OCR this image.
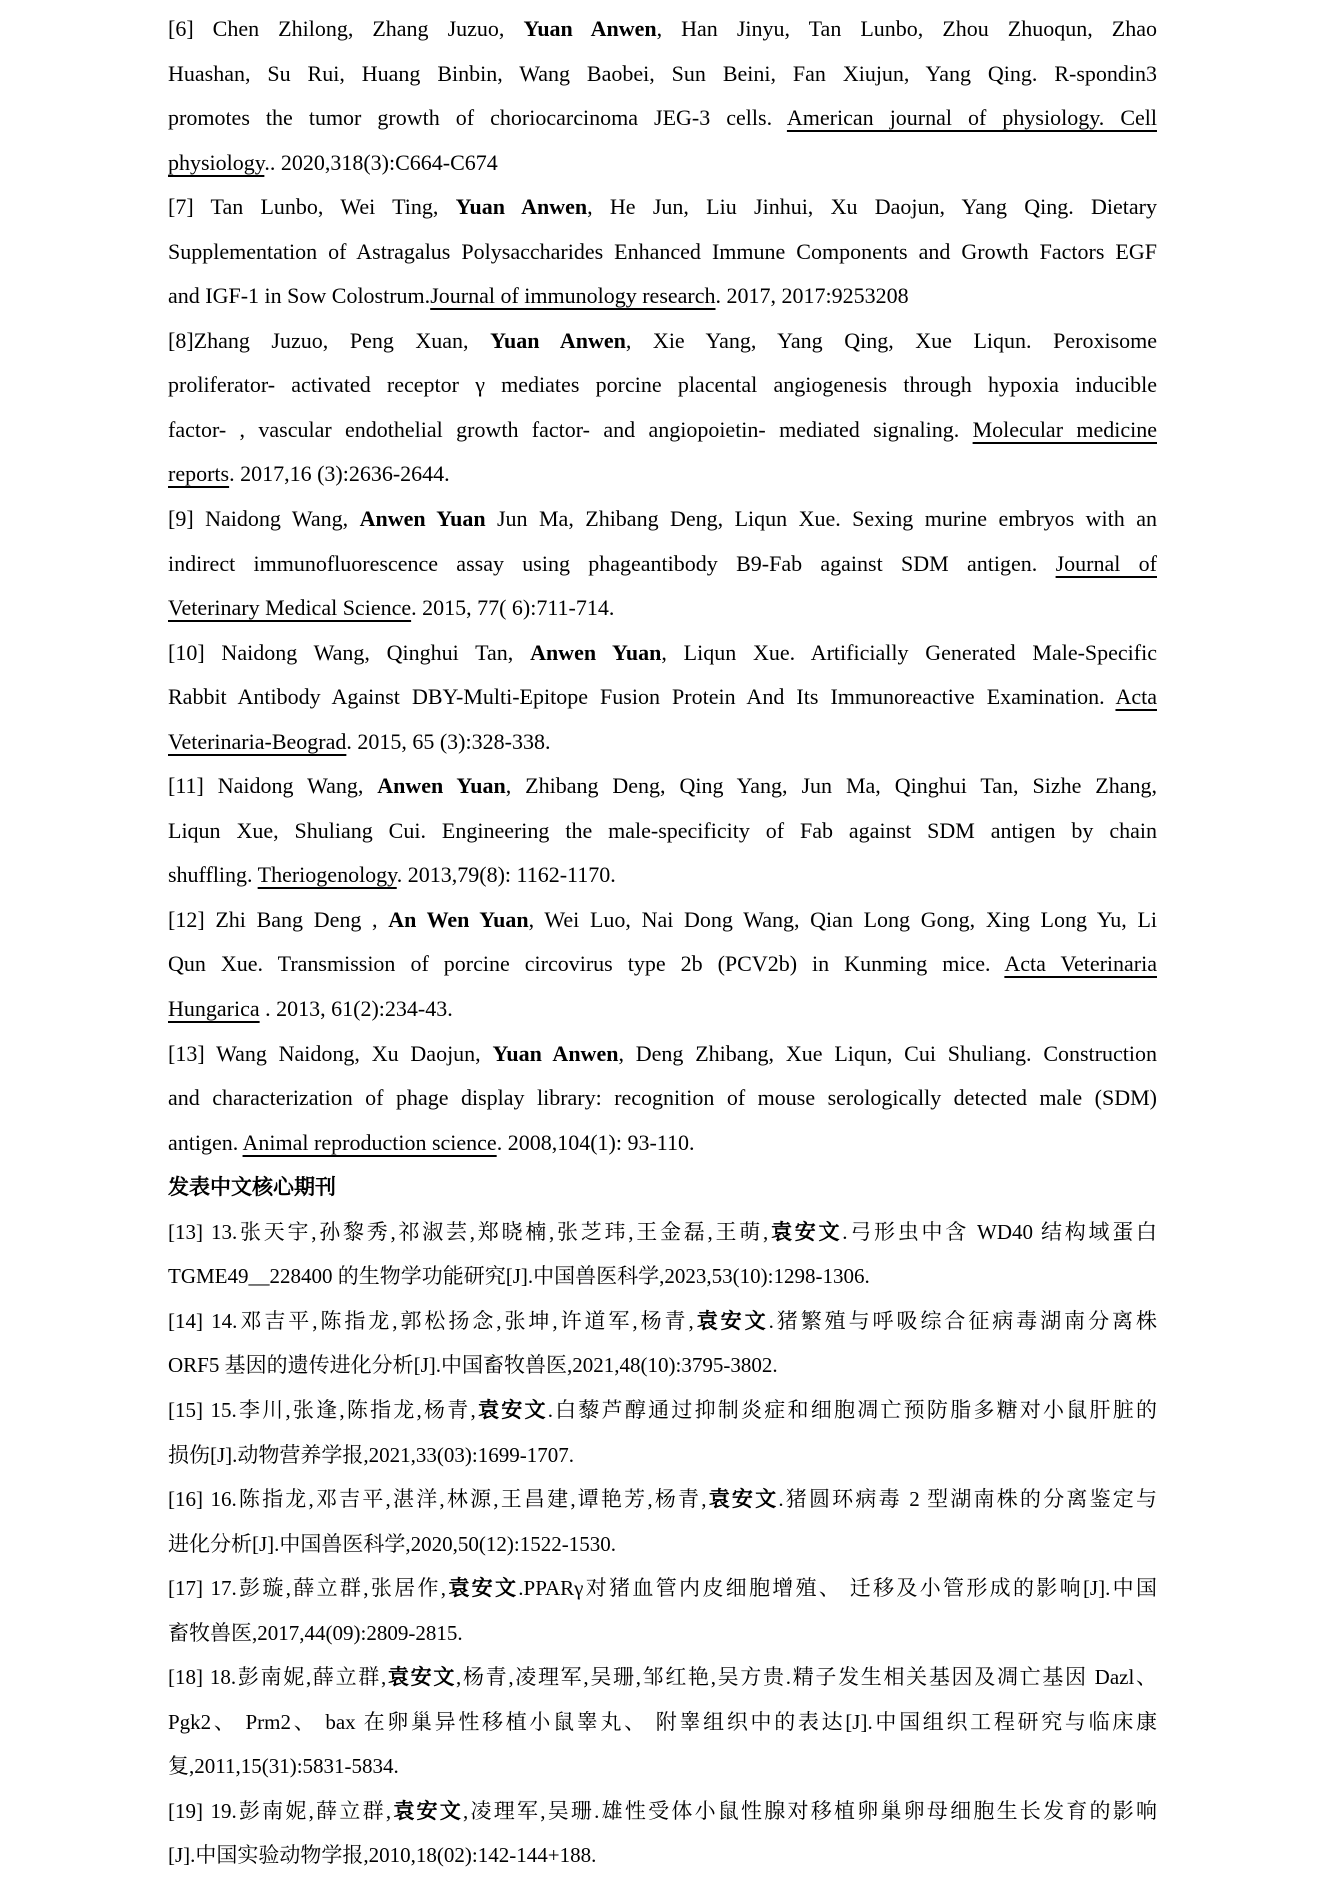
[6] Chen Zhilong, Zhang Juzuo, Yuan Anwen, Han Jinyu, Tan Lunbo, Zhou Zhuoqun, Zhao
Huashan, Su Rui, Huang Binbin, Wang Baobei, Sun Beini, Fan Xiujun, Yang Qing. R-spondin3
promotes the tumor growth of choriocarcinoma JEG-3 cells. American journal of physiology. Cell
physiology.. 2020,318(3):C664-C674
[7] Tan Lunbo, Wei Ting, Yuan Anwen, He Jun, Liu Jinhui, Xu Daojun, Yang Qing. Dietary
Supplementation of Astragalus Polysaccharides Enhanced Immune Components and Growth Factors EGF
and IGF-1 in Sow Colostrum.Journal of immunology research. 2017, 2017:9253208
[8]Zhang Juzuo, Peng Xuan, Yuan Anwen, Xie Yang, Yang Qing, Xue Liqun. Peroxisome
proliferator- activated receptor γ mediates porcine placental angiogenesis through hypoxia inducible
factor- , vascular endothelial growth factor- and angiopoietin- mediated signaling. Molecular medicine
reports. 2017,16 (3):2636-2644.
[9] Naidong Wang, Anwen Yuan Jun Ma, Zhibang Deng, Liqun Xue. Sexing murine embryos with an
indirect immunofluorescence assay using phageantibody B9-Fab against SDM antigen. Journal of
Veterinary Medical Science. 2015, 77( 6):711-714.
[10] Naidong Wang, Qinghui Tan, Anwen Yuan, Liqun Xue. Artificially Generated Male-Specific
Rabbit Antibody Against DBY-Multi-Epitope Fusion Protein And Its Immunoreactive Examination. Acta
Veterinaria-Beograd. 2015, 65 (3):328-338.
[11] Naidong Wang, Anwen Yuan, Zhibang Deng, Qing Yang, Jun Ma, Qinghui Tan, Sizhe Zhang,
Liqun Xue, Shuliang Cui. Engineering the male-specificity of Fab against SDM antigen by chain
shuffling. Theriogenology. 2013,79(8): 1162-1170.
[12] Zhi Bang Deng , An Wen Yuan, Wei Luo, Nai Dong Wang, Qian Long Gong, Xing Long Yu, Li
Qun Xue. Transmission of porcine circovirus type 2b (PCV2b) in Kunming mice. Acta Veterinaria
Hungarica . 2013, 61(2):234-43.
[13] Wang Naidong, Xu Daojun, Yuan Anwen, Deng Zhibang, Xue Liqun, Cui Shuliang. Construction
and characterization of phage display library: recognition of mouse serologically detected male (SDM)
antigen. Animal reproduction science. 2008,104(1): 93-110.
发表中文核心期刊
[13] 13.张天宇,孙黎秀,祁淑芸,郑晓楠,张芝玮,王金磊,王萌,袁安文.弓形虫中含 WD40 结构域蛋白
TGME49__228400 的生物学功能研究[J].中国兽医科学,2023,53(10):1298-1306.
[14] 14.邓吉平,陈指龙,郭松扬念,张坤,许道军,杨青,袁安文.猪繁殖与呼吸综合征病毒湖南分离株
ORF5 基因的遗传进化分析[J].中国畜牧兽医,2021,48(10):3795-3802.
[15] 15.李川,张逢,陈指龙,杨青,袁安文.白藜芦醇通过抑制炎症和细胞凋亡预防脂多糖对小鼠肝脏的
损伤[J].动物营养学报,2021,33(03):1699-1707.
[16] 16.陈指龙,邓吉平,湛洋,林源,王昌建,谭艳芳,杨青,袁安文.猪圆环病毒 2 型湖南株的分离鉴定与
进化分析[J].中国兽医科学,2020,50(12):1522-1530.
[17] 17.彭璇,薛立群,张居作,袁安文.PPARγ对猪血管内皮细胞增殖、 迁移及小管形成的影响[J].中国
畜牧兽医,2017,44(09):2809-2815.
[18] 18.彭南妮,薛立群,袁安文,杨青,凌理军,吴珊,邹红艳,吴方贵.精子发生相关基因及凋亡基因 Dazl、
Pgk2、 Prm2、 bax 在卵巢异性移植小鼠睾丸、 附睾组织中的表达[J].中国组织工程研究与临床康
复,2011,15(31):5831-5834.
[19] 19.彭南妮,薛立群,袁安文,凌理军,吴珊.雄性受体小鼠性腺对移植卵巢卵母细胞生长发育的影响
[J].中国实验动物学报,2010,18(02):142-144+188.
